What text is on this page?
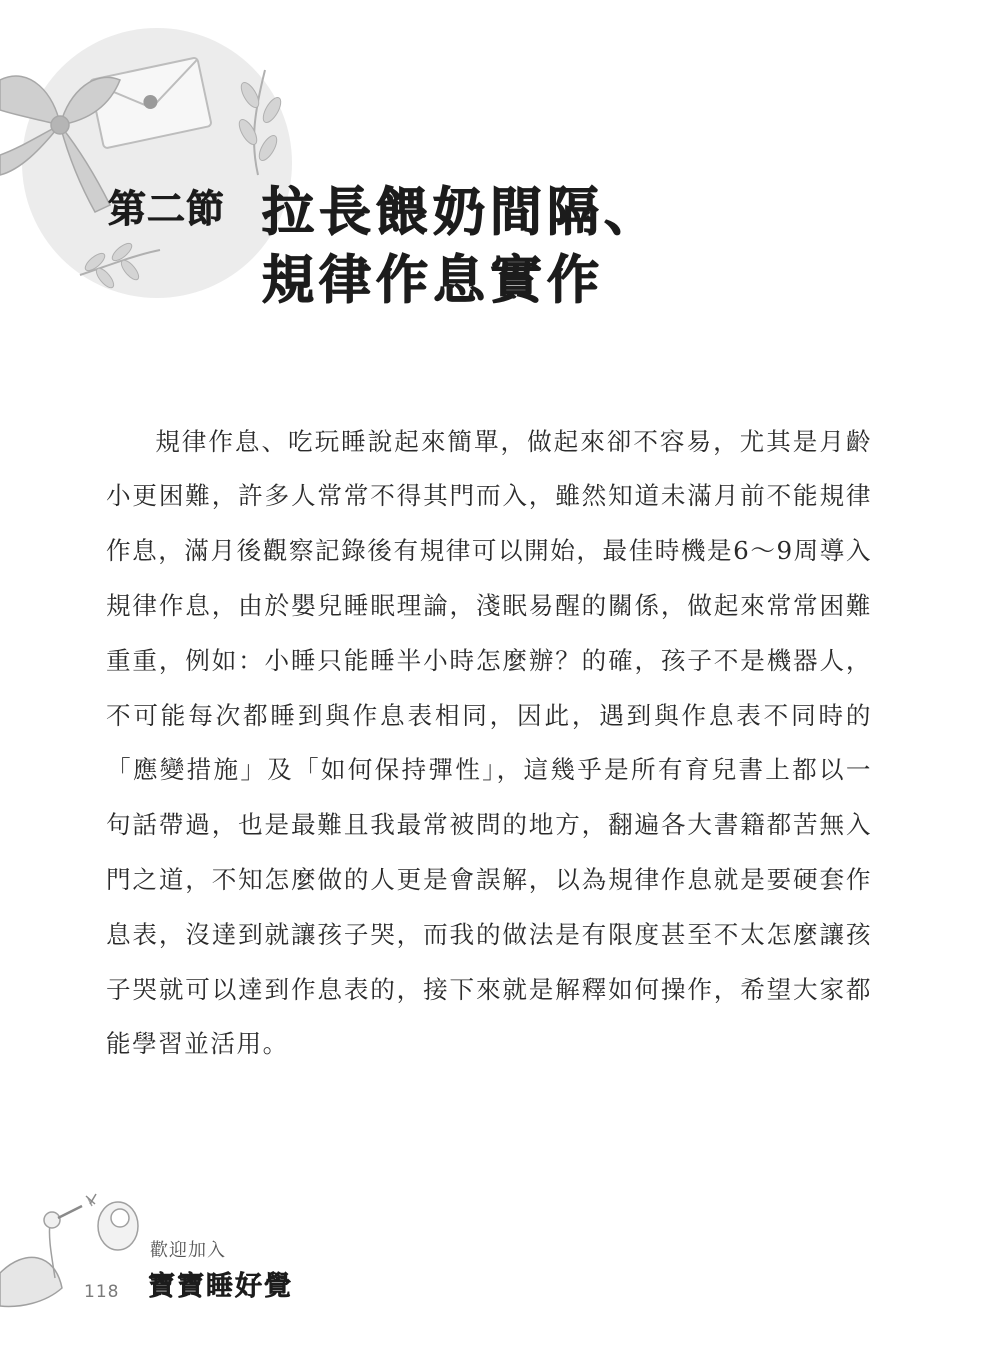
第二節 拉長餵奶間隔、
規律作息實作

規律作息、吃玩睡說起來簡單，做起來卻不容易，尤其是月齡小更困難，許多人常常不得其門而入，雖然知道未滿月前不能規律作息，滿月後觀察記錄後有規律可以開始，最佳時機是6～9周導入規律作息，由於嬰兒睡眠理論，淺眠易醒的關係，做起來常常困難重重，例如：小睡只能睡半小時怎麼辦？的確，孩子不是機器人，不可能每次都睡到與作息表相同，因此，遇到與作息表不同時的「應變措施」及「如何保持彈性」，這幾乎是所有育兒書上都以一句話帶過，也是最難且我最常被問的地方，翻遍各大書籍都苦無入門之道，不知怎麼做的人更是會誤解，以為規律作息就是要硬套作息表，沒達到就讓孩子哭，而我的做法是有限度甚至不太怎麼讓孩子哭就可以達到作息表的，接下來就是解釋如何操作，希望大家都能學習並活用。

118
歡迎加入
寶寶睡好覺
